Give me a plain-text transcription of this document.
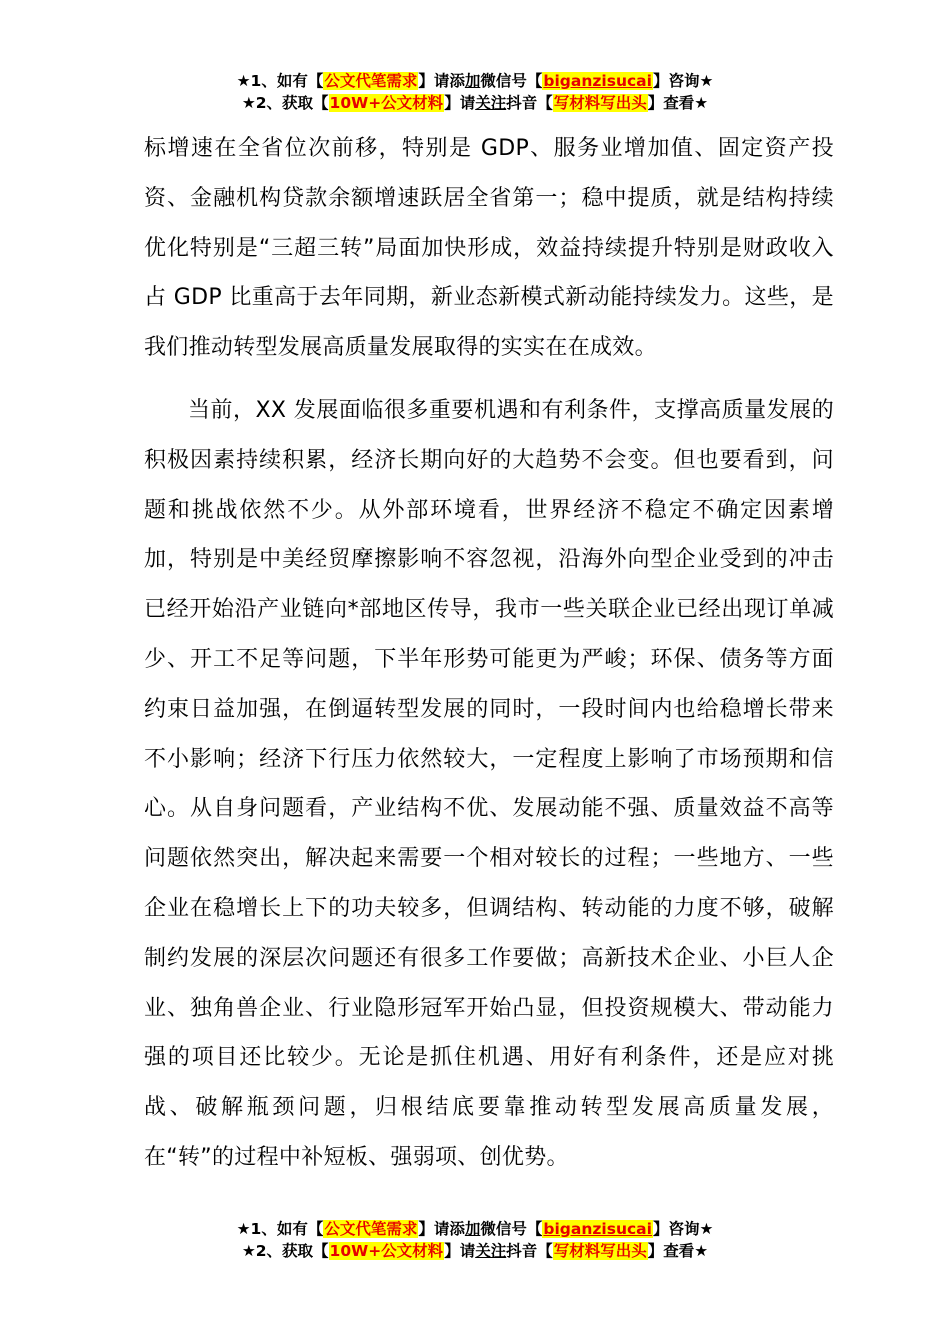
★1、如有【公文代笔需求】请添加微信号【biganzisucai】咨询★
★2、获取【10W+公文材料】请关注抖音【写材料写出头】查看★

标增速在全省位次前移，特别是 GDP、服务业增加值、固定资产投资、金融机构贷款余额增速跃居全省第一；稳中提质，就是结构持续优化特别是“三超三转”局面加快形成，效益持续提升特别是财政收入占 GDP 比重高于去年同期，新业态新模式新动能持续发力。这些，是我们推动转型发展高质量发展取得的实实在在成效。

当前，XX 发展面临很多重要机遇和有利条件，支撑高质量发展的积极因素持续积累，经济长期向好的大趋势不会变。但也要看到，问题和挑战依然不少。从外部环境看，世界经济不稳定不确定因素增加，特别是中美经贸摩擦影响不容忽视，沿海外向型企业受到的冲击已经开始沿产业链向*部地区传导，我市一些关联企业已经出现订单减少、开工不足等问题，下半年形势可能更为严峻；环保、债务等方面约束日益加强，在倒逼转型发展的同时，一段时间内也给稳增长带来不小影响；经济下行压力依然较大，一定程度上影响了市场预期和信心。从自身问题看，产业结构不优、发展动能不强、质量效益不高等问题依然突出，解决起来需要一个相对较长的过程；一些地方、一些企业在稳增长上下的功夫较多，但调结构、转动能的力度不够，破解制约发展的深层次问题还有很多工作要做；高新技术企业、小巨人企业、独角兽企业、行业隐形冠军开始凸显，但投资规模大、带动能力强的项目还比较少。无论是抓住机遇、用好有利条件，还是应对挑战、破解瓶颈问题，归根结底要靠推动转型发展高质量发展，在“转”的过程中补短板、强弱项、创优势。

★1、如有【公文代笔需求】请添加微信号【biganzisucai】咨询★
★2、获取【10W+公文材料】请关注抖音【写材料写出头】查看★
